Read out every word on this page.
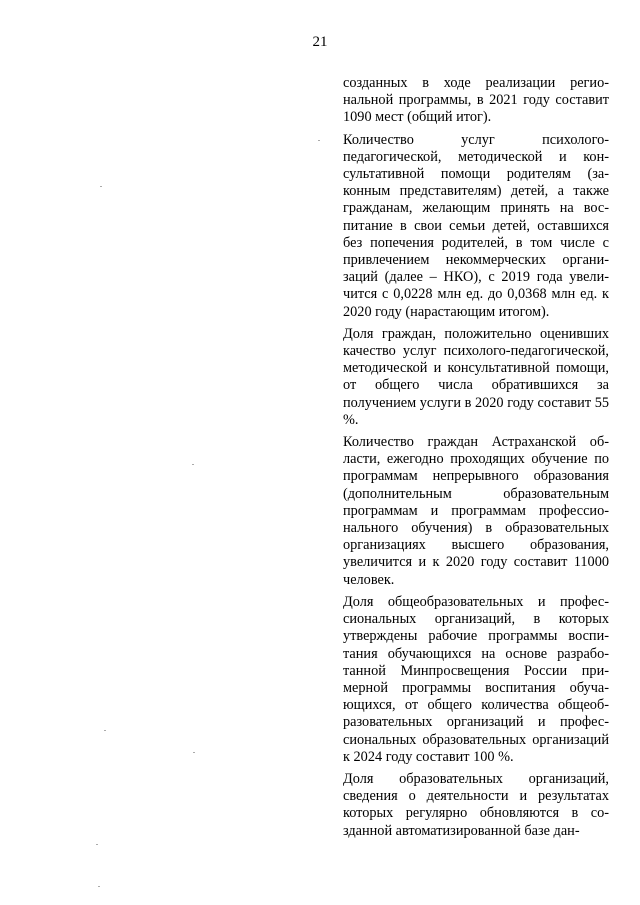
21

созданных в ходе реализации региональной программы, в 2021 году составит 1090 мест (общий итог).

Количество услуг психолого-педагогической, методической и консультативной помощи родителям (законным представителям) детей, а также гражданам, желающим принять на воспитание в свои семьи детей, оставшихся без попечения родителей, в том числе с привлечением некоммерческих организаций (далее – НКО), с 2019 года увеличится с 0,0228 млн ед. до 0,0368 млн ед. к 2020 году (нарастающим итогом).

Доля граждан, положительно оценивших качество услуг психолого-педагогической, методической и консультативной помощи, от общего числа обратившихся за получением услуги в 2020 году составит 55 %.

Количество граждан Астраханской области, ежегодно проходящих обучение по программам непрерывного образования (дополнительным образовательным программам и программам профессионального обучения) в образовательных организациях высшего образования, увеличится и к 2020 году составит 11000 человек.

Доля общеобразовательных и профессиональных организаций, в которых утверждены рабочие программы воспитания обучающихся на основе разработанной Минпросвещения России примерной программы воспитания обучающихся, от общего количества общеобразовательных организаций и профессиональных образовательных организаций к 2024 году составит 100 %.

Доля образовательных организаций, сведения о деятельности и результатах которых регулярно обновляются в созданной автоматизированной базе дан-
